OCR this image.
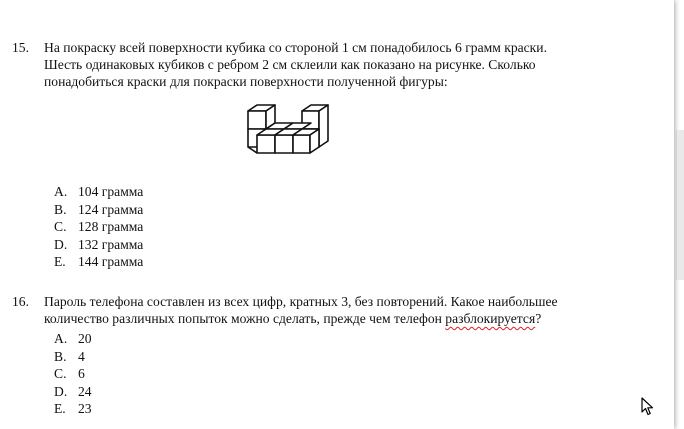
15.	На покраску всей поверхности кубика со стороной 1 см понадобилось 6 грамм краски.
Шесть одинаковых кубиков с ребром 2 см склеили как показано на рисунке. Сколько
понадобиться краски для покраски поверхности полученной фигуры:
A. 104 грамма
B. 124 грамма
C. 128 грамма
D. 132 грамма
E. 144 грамма
16.	Пароль телефона составлен из всех цифр, кратных 3, без повторений. Какое наибольшее
количество различных попыток можно сделать, прежде чем телефон разблокируется?
A. 20
B. 4
C. 6
D. 24
E. 23
